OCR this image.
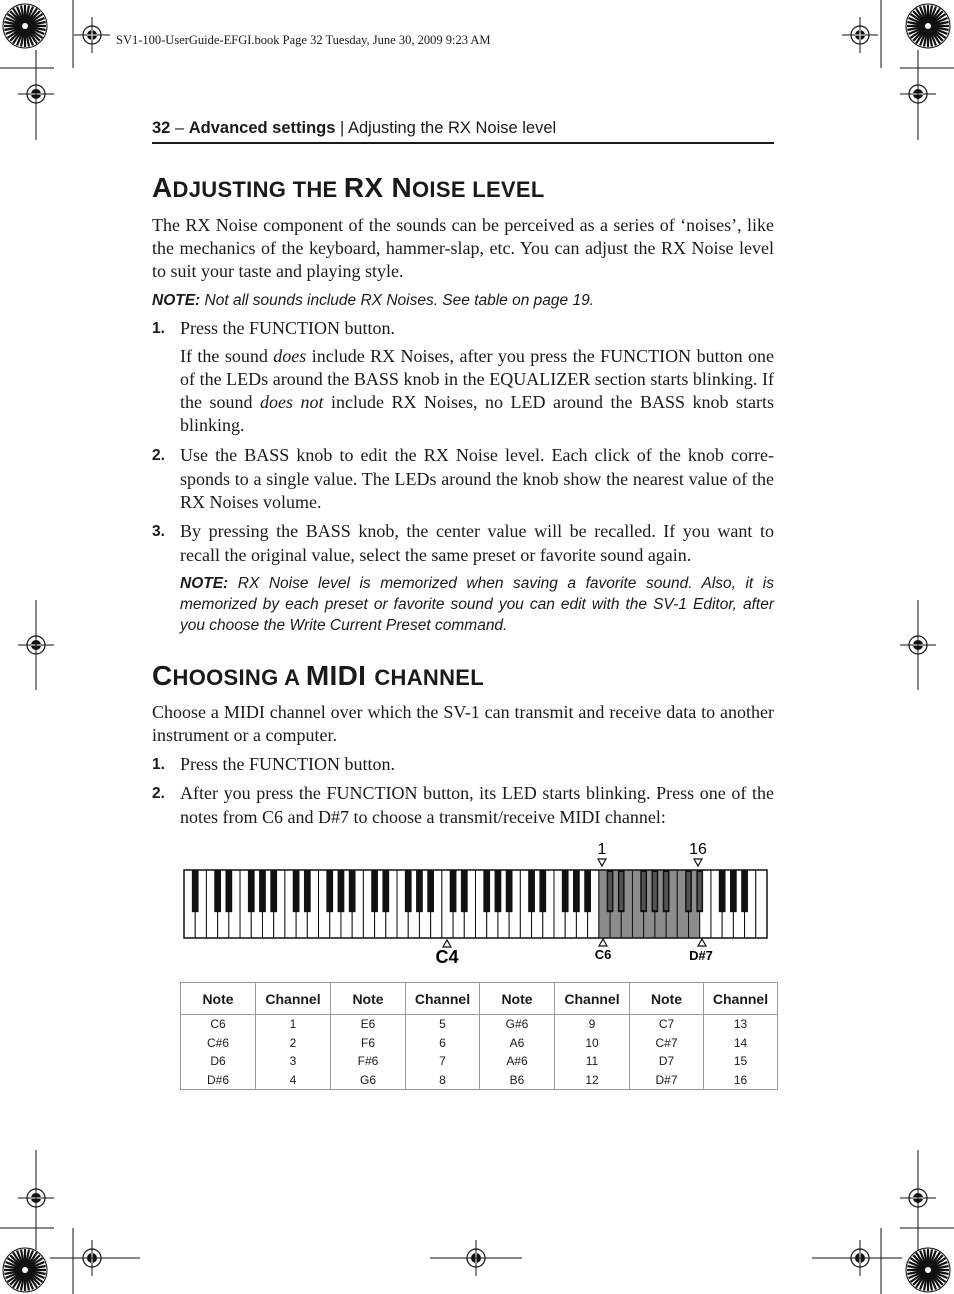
SV1-100-UserGuide-EFGI.book Page 32 Tuesday, June 30, 2009 9:23 AM
32 – Advanced settings | Adjusting the RX Noise level
ADJUSTING THE RX NOISE LEVEL
The RX Noise component of the sounds can be perceived as a series of ‘noises’, like the mechanics of the keyboard, hammer-slap, etc. You can adjust the RX Noise level to suit your taste and playing style.
NOTE: Not all sounds include RX Noises. See table on page 19.
1. Press the FUNCTION button.
If the sound does include RX Noises, after you press the FUNCTION button one of the LEDs around the BASS knob in the EQUALIZER section starts blinking. If the sound does not include RX Noises, no LED around the BASS knob starts blinking.
2. Use the BASS knob to edit the RX Noise level. Each click of the knob corre-sponds to a single value. The LEDs around the knob show the nearest value of the RX Noises volume.
3. By pressing the BASS knob, the center value will be recalled. If you want to recall the original value, select the same preset or favorite sound again.
NOTE: RX Noise level is memorized when saving a favorite sound. Also, it is memorized by each preset or favorite sound you can edit with the SV-1 Editor, after you choose the Write Current Preset command.
CHOOSING A MIDI CHANNEL
Choose a MIDI channel over which the SV-1 can transmit and receive data to another instrument or a computer.
1. Press the FUNCTION button.
2. After you press the FUNCTION button, its LED starts blinking. Press one of the notes from C6 and D#7 to choose a transmit/receive MIDI channel:
1	16
C4	C6	D#7
Note	Channel	Note	Channel	Note	Channel	Note	Channel
C6	1	E6	5	G#6	9	C7	13
C#6	2	F6	6	A6	10	C#7	14
D6	3	F#6	7	A#6	11	D7	15
D#6	4	G6	8	B6	12	D#7	16
